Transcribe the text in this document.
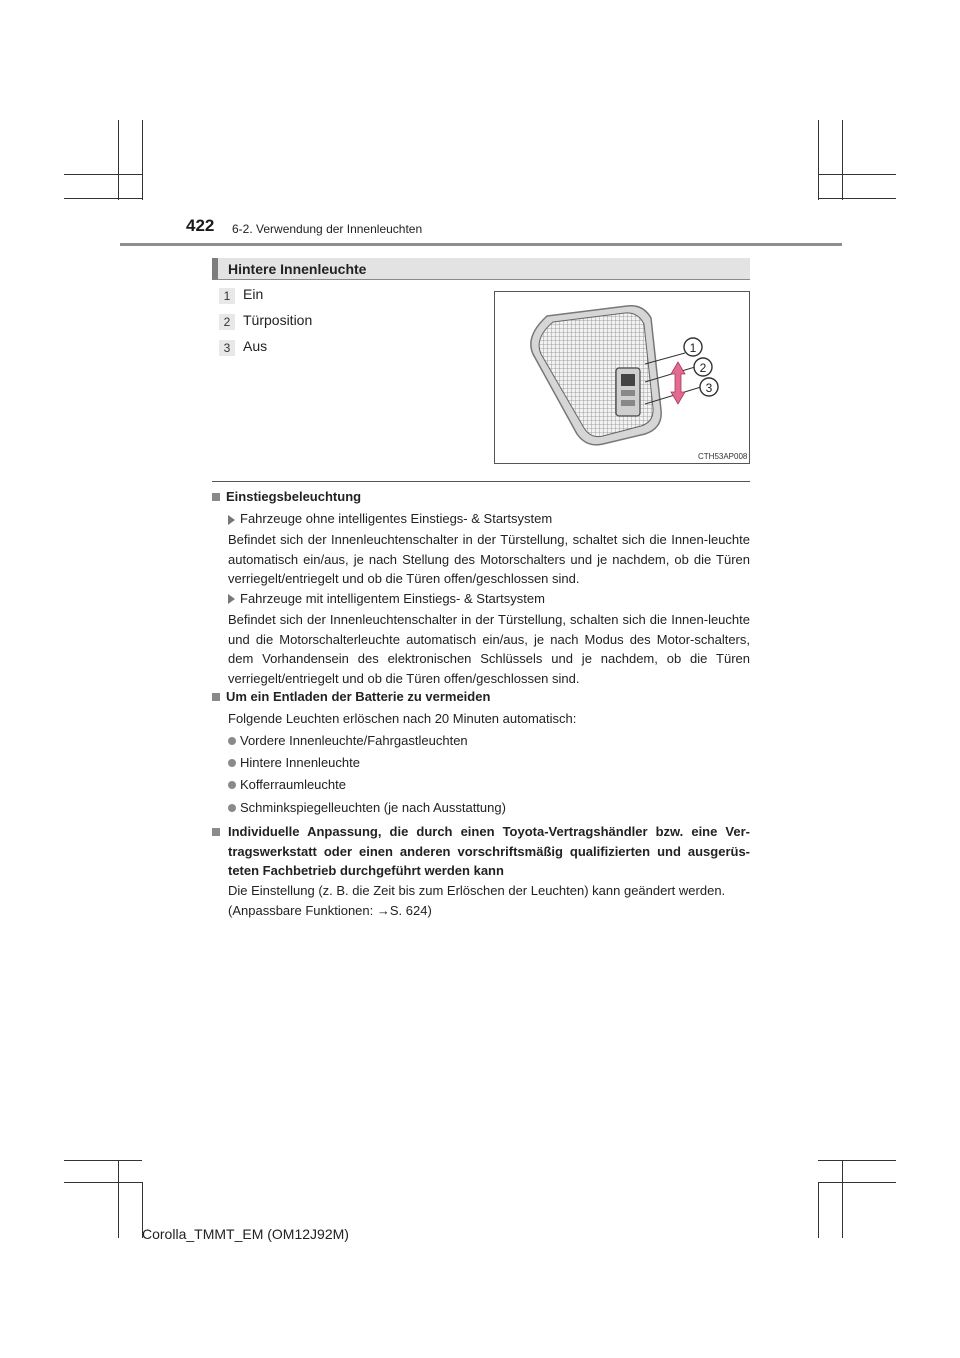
422 6-2. Verwendung der Innenleuchten
Hintere Innenleuchte
1 Ein
2 Türposition
3 Aus	1
2
3
CTH53AP008
Einstiegsbeleuchtung
Fahrzeuge ohne intelligentes Einstiegs- & Startsystem
Befindet sich der Innenleuchtenschalter in der Türstellung, schaltet sich die Innen-leuchte automatisch ein/aus, je nach Stellung des Motorschalters und je nachdem, ob die Türen verriegelt/entriegelt und ob die Türen offen/geschlossen sind.
Fahrzeuge mit intelligentem Einstiegs- & Startsystem
Befindet sich der Innenleuchtenschalter in der Türstellung, schalten sich die Innen-leuchte und die Motorschalterleuchte automatisch ein/aus, je nach Modus des Motor-schalters, dem Vorhandensein des elektronischen Schlüssels und je nachdem, ob die Türen verriegelt/entriegelt und ob die Türen offen/geschlossen sind.
Um ein Entladen der Batterie zu vermeiden
Folgende Leuchten erlöschen nach 20 Minuten automatisch:
Vordere Innenleuchte/Fahrgastleuchten
Hintere Innenleuchte
Kofferraumleuchte
Schminkspiegelleuchten (je nach Ausstattung)
Individuelle Anpassung, die durch einen Toyota-Vertragshändler bzw. eine Ver-tragswerkstatt oder einen anderen vorschriftsmäßig qualifizierten und ausgerüs-teten Fachbetrieb durchgeführt werden kann
Die Einstellung (z. B. die Zeit bis zum Erlöschen der Leuchten) kann geändert werden.
(Anpassbare Funktionen: →S. 624)
Corolla_TMMT_EM (OM12J92M)
